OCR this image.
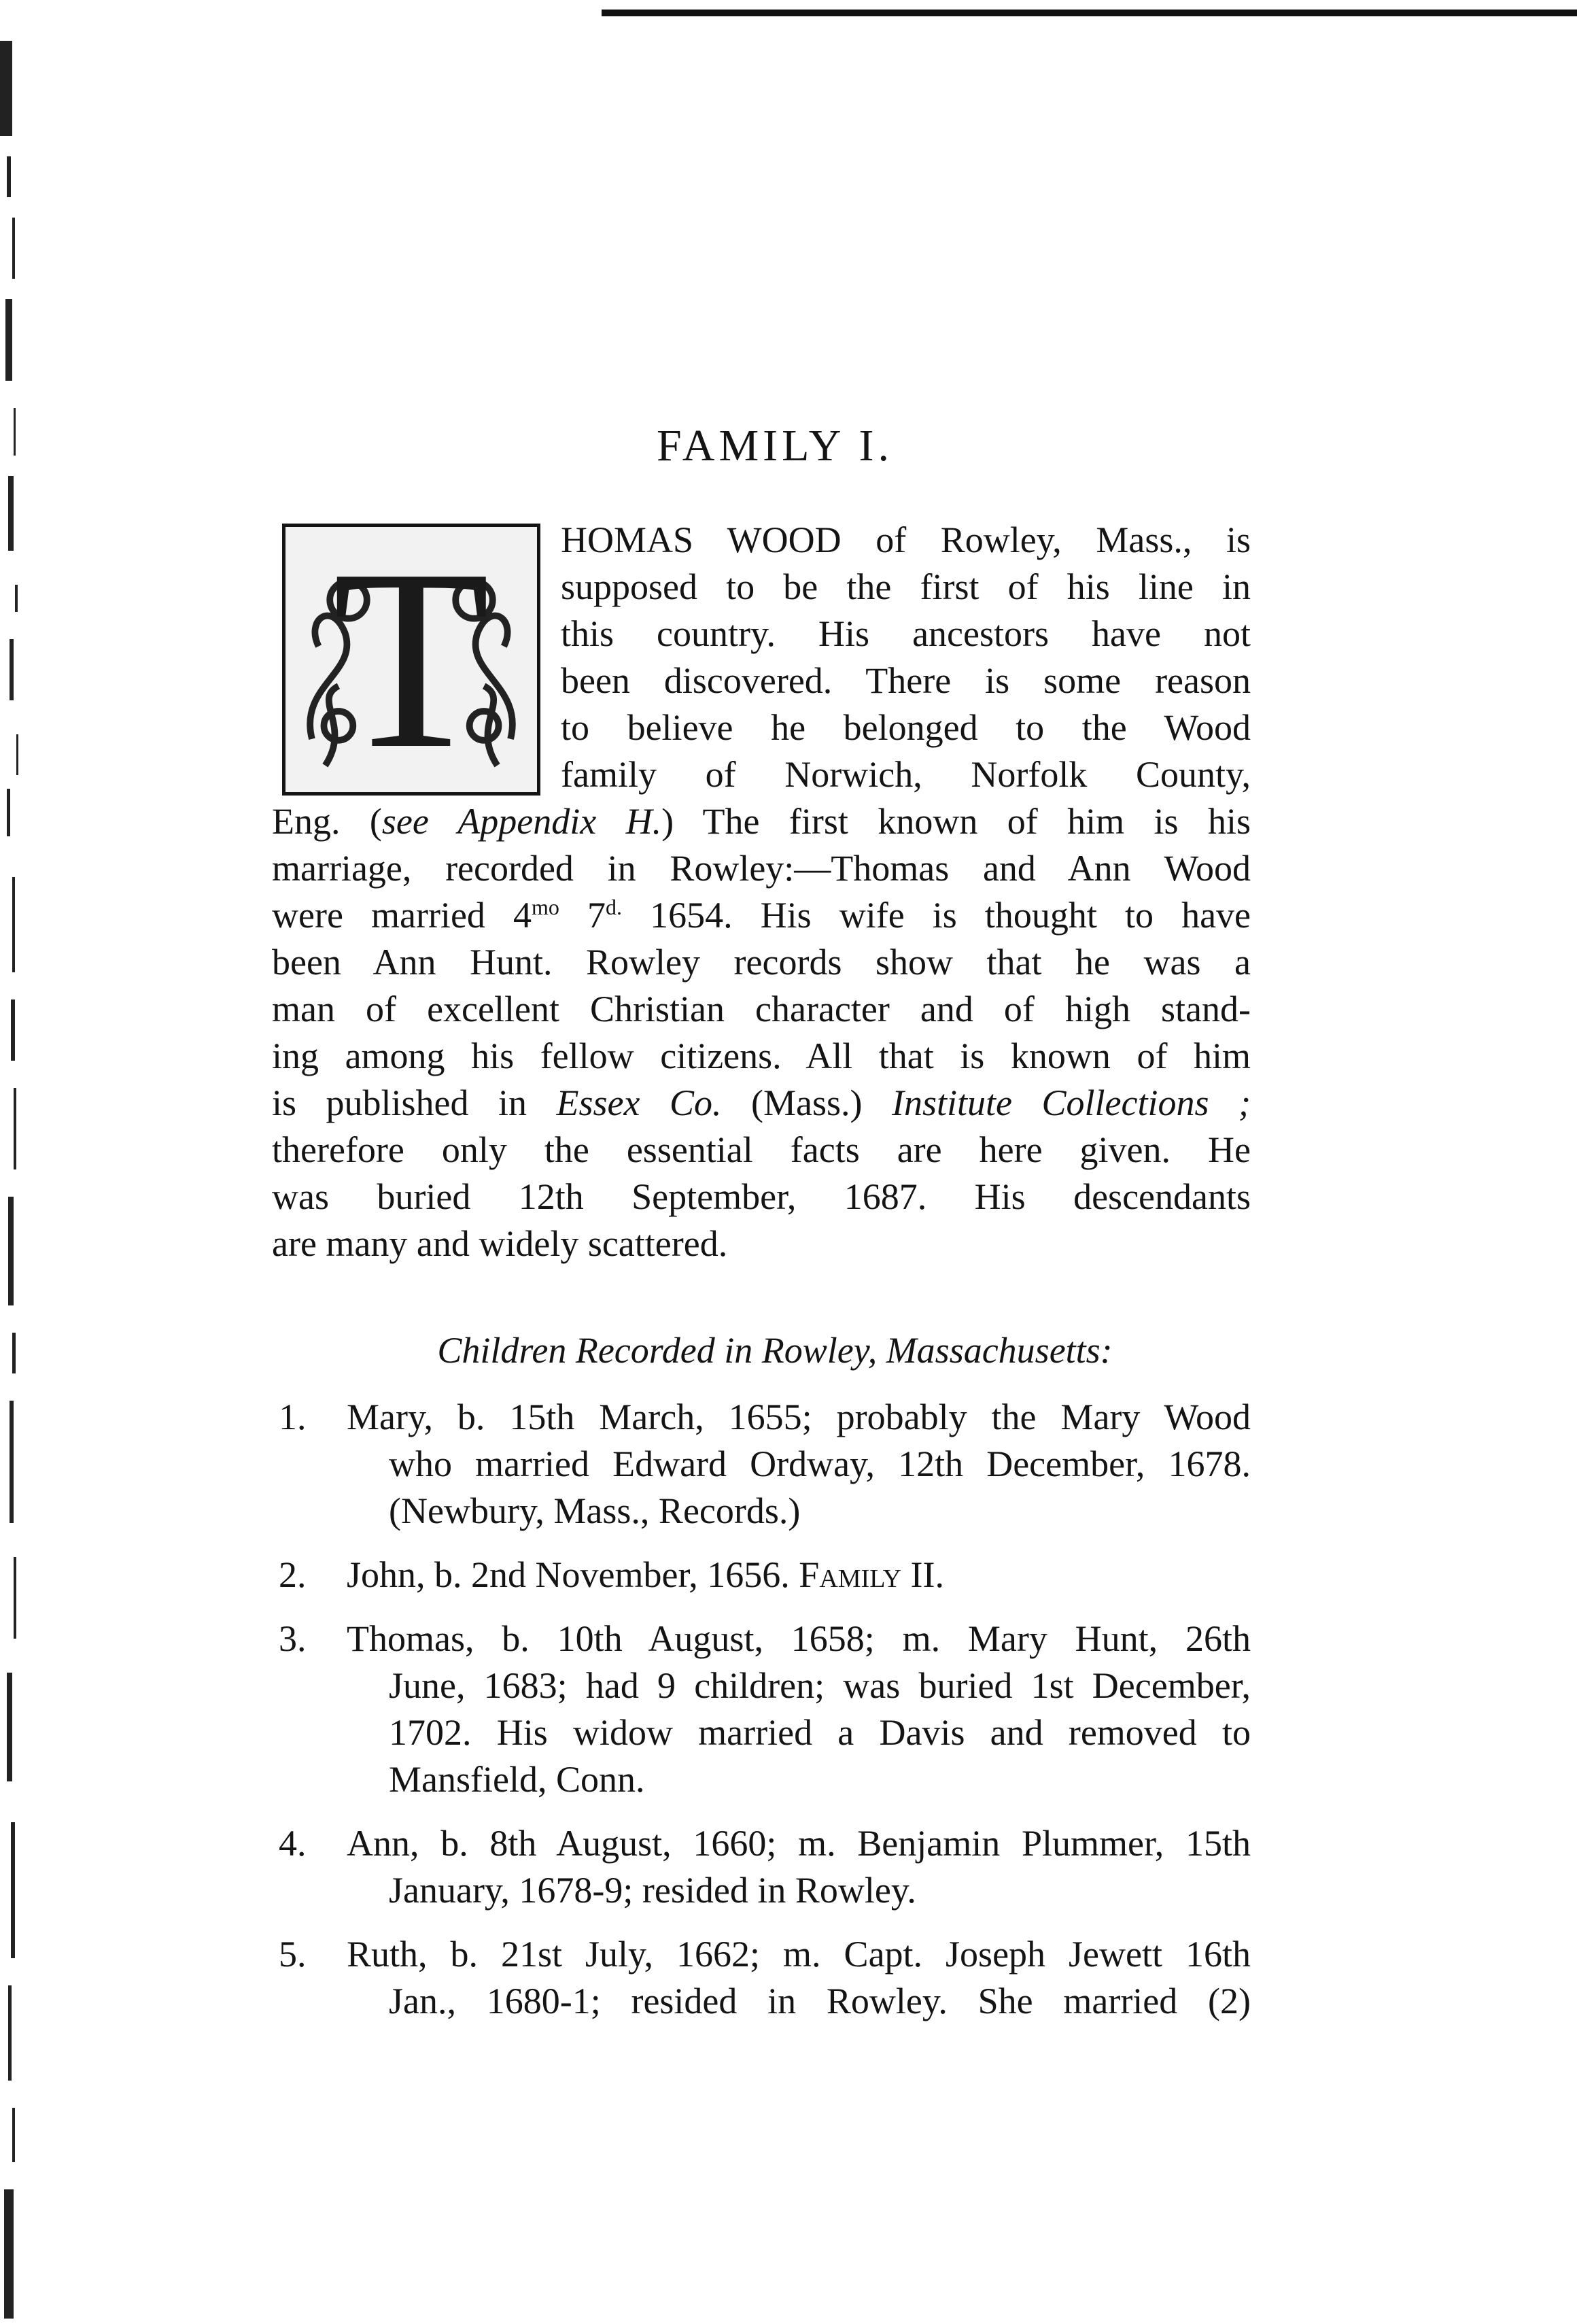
FAMILY I.
T	HOMAS WOOD of Rowley, Mass., is
supposed to be the first of his line in
this country. His ancestors have not
been discovered. There is some reason
to believe he belonged to the Wood
family of Norwich, Norfolk County,
Eng. (see Appendix H.) The first known of him is his
marriage, recorded in Rowley:—Thomas and Ann Wood
were married $4^{mo}$ $7^{d.}$ 1654. His wife is thought to have
been Ann Hunt. Rowley records show that he was a
man of excellent Christian character and of high stand-
ing among his fellow citizens. All that is known of him
is published in Essex Co. (Mass.) Institute Collections ;
therefore only the essential facts are here given. He
was buried 12th September, 1687. His descendants
are many and widely scattered.
Children Recorded in Rowley, Massachusetts:
1. Mary, b. 15th March, 1655; probably the Mary Wood
who married Edward Ordway, 12th December, 1678.
(Newbury, Mass., Records.)
2. John, b. 2nd November, 1656. Family II.
3. Thomas, b. 10th August, 1658; m. Mary Hunt, 26th
June, 1683; had 9 children; was buried 1st December,
1702. His widow married a Davis and removed to
Mansfield, Conn.
4. Ann, b. 8th August, 1660; m. Benjamin Plummer, 15th
January, 1678-9; resided in Rowley.
5. Ruth, b. 21st July, 1662; m. Capt. Joseph Jewett 16th
Jan., 1680-1; resided in Rowley. She married (2)
